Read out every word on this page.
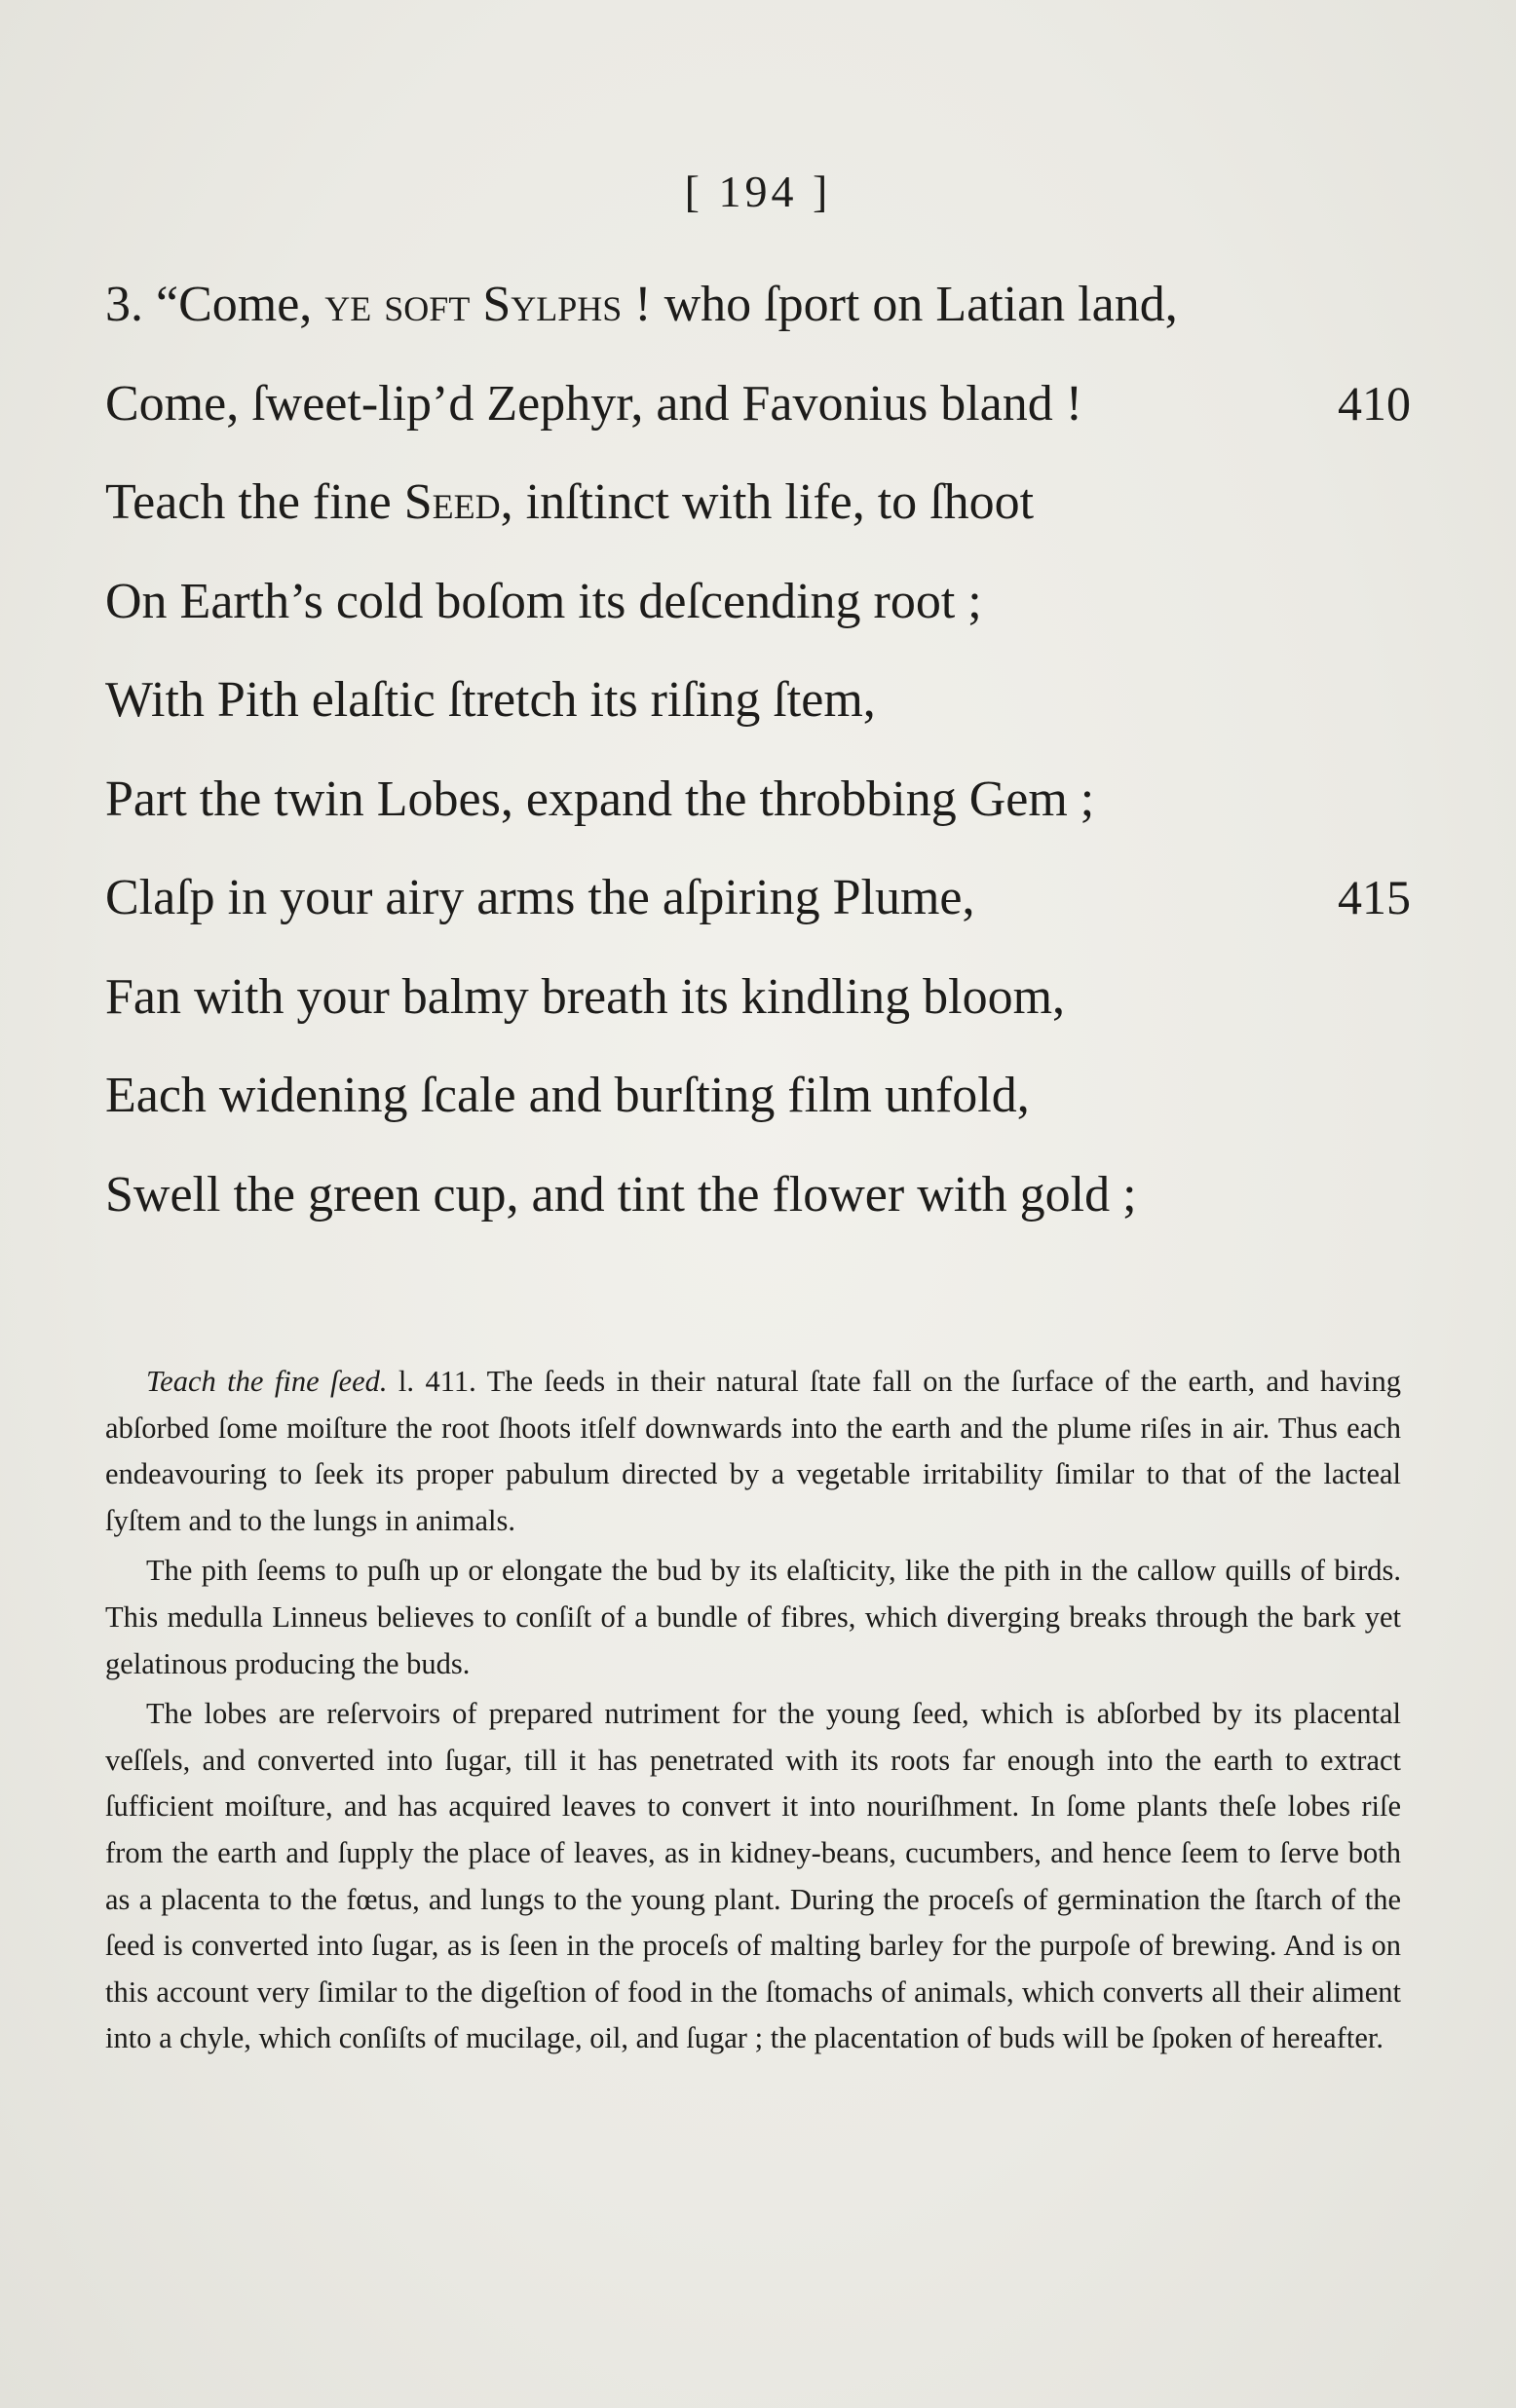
[ 194 ]
3. “Come, ye soft Sylphs ! who ſport on Latian land,
Come, ſweet-lip’d Zephyr, and Favonius bland !	410
Teach the fine Seed, inſtinct with life, to ſhoot
On Earth’s cold boſom its deſcending root ;
With Pith elaſtic ſtretch its riſing ſtem,
Part the twin Lobes, expand the throbbing Gem ;
Claſp in your airy arms the aſpiring Plume,	415
Fan with your balmy breath its kindling bloom,
Each widening ſcale and burſting film unfold,
Swell the green cup, and tint the flower with gold ;

Teach the fine ſeed. l. 411. The ſeeds in their natural ſtate fall on the ſurface of the earth, and having abſorbed ſome moiſture the root ſhoots itſelf downwards into the earth and the plume riſes in air. Thus each endeavouring to ſeek its proper pabulum directed by a vegetable irritability ſimilar to that of the lacteal ſyſtem and to the lungs in animals.

The pith ſeems to puſh up or elongate the bud by its elaſticity, like the pith in the callow quills of birds. This medulla Linneus believes to conſiſt of a bundle of fibres, which diverging breaks through the bark yet gelatinous producing the buds.

The lobes are reſervoirs of prepared nutriment for the young ſeed, which is abſorbed by its placental veſſels, and converted into ſugar, till it has penetrated with its roots far enough into the earth to extract ſufficient moiſture, and has acquired leaves to convert it into nouriſhment. In ſome plants theſe lobes riſe from the earth and ſupply the place of leaves, as in kidney-beans, cucumbers, and hence ſeem to ſerve both as a placenta to the fœtus, and lungs to the young plant. During the proceſs of germination the ſtarch of the ſeed is converted into ſugar, as is ſeen in the proceſs of malting barley for the purpoſe of brewing. And is on this account very ſimilar to the digeſtion of food in the ſtomachs of animals, which converts all their aliment into a chyle, which conſiſts of mucilage, oil, and ſugar ; the placentation of buds will be ſpoken of hereafter.
